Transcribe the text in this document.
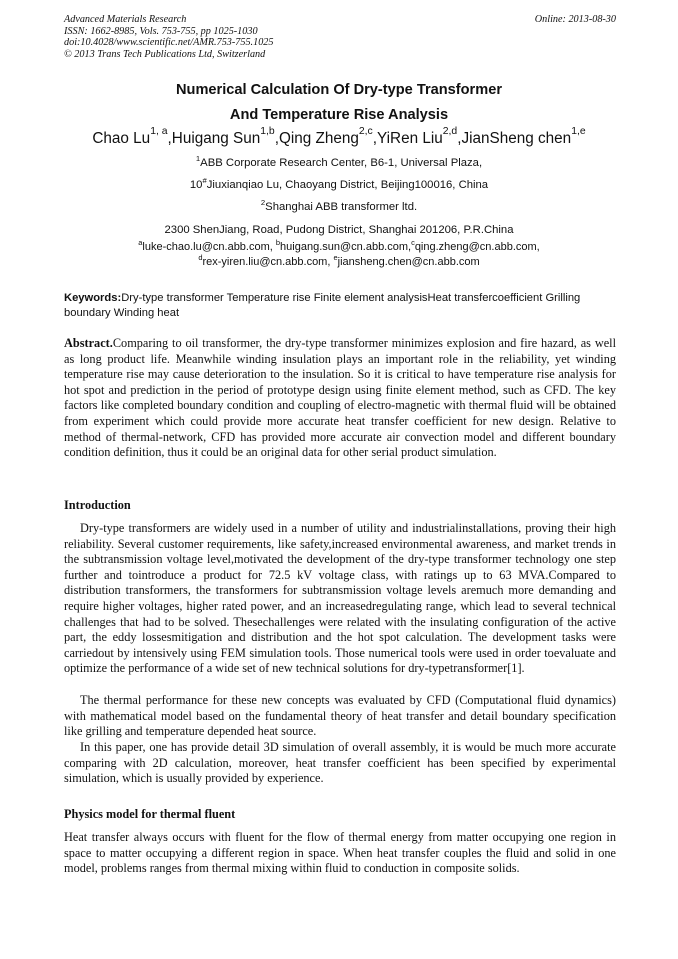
Advanced Materials Research
ISSN: 1662-8985, Vols. 753-755, pp 1025-1030
doi:10.4028/www.scientific.net/AMR.753-755.1025
© 2013 Trans Tech Publications Ltd, Switzerland
Online: 2013-08-30
Numerical Calculation Of Dry-type Transformer
And Temperature Rise Analysis
Chao Lu$^{1, a}$,Huigang Sun$^{1,b}$,Qing Zheng$^{2,c}$,YiRen Liu$^{2,d}$,JianSheng chen$^{1,e}$
$^1$ABB Corporate Research Center, B6-1, Universal Plaza,
10#Jiuxianqiao Lu, Chaoyang District, Beijing100016, China
$^2$Shanghai ABB transformer ltd.
2300 ShenJiang, Road, Pudong District, Shanghai 201206, P.R.China
$^a$luke-chao.lu@cn.abb.com, $^b$huigang.sun@cn.abb.com,$^c$qing.zheng@cn.abb.com,
$^d$rex-yiren.liu@cn.abb.com, $^e$jiansheng.chen@cn.abb.com
Keywords:Dry-type transformer Temperature rise Finite element analysisHeat transfercoefficient Grilling boundary Winding heat
Abstract.Comparing to oil transformer, the dry-type transformer minimizes explosion and fire hazard, as well as long product life. Meanwhile winding insulation plays an important role in the reliability, yet winding temperature rise may cause deterioration to the insulation. So it is critical to have temperature rise analysis for hot spot and prediction in the period of prototype design using finite element method, such as CFD. The key factors like completed boundary condition and coupling of electro-magnetic with thermal fluid will be obtained from experiment which could provide more accurate heat transfer coefficient for new design. Relative to method of thermal-network, CFD has provided more accurate air convection model and different boundary condition definition, thus it could be an original data for other serial product simulation.
Introduction
Dry-type transformers are widely used in a number of utility and industrialinstallations, proving their high reliability. Several customer requirements, like safety,increased environmental awareness, and market trends in the subtransmission voltage level,motivated the development of the dry-type transformer technology one step further and tointroduce a product for 72.5 kV voltage class, with ratings up to 63 MVA.Compared to distribution transformers, the transformers for subtransmission voltage levels aremuch more demanding and require higher voltages, higher rated power, and an increasedregulating range, which lead to several technical challenges that had to be solved. Thesechallenges were related with the insulating configuration of the active part, the eddy lossesmitigation and distribution and the hot spot calculation. The development tasks were carriedout by intensively using FEM simulation tools. Those numerical tools were used in order toevaluate and optimize the performance of a wide set of new technical solutions for dry-typetransformer[1].
The thermal performance for these new concepts was evaluated by CFD (Computational fluid dynamics) with mathematical model based on the fundamental theory of heat transfer and detail boundary specification like grilling and temperature depended heat source.
In this paper, one has provide detail 3D simulation of overall assembly, it is would be much more accurate comparing with 2D calculation, moreover, heat transfer coefficient has been specified by experimental simulation, which is usually provided by experience.
Physics model for thermal fluent
Heat transfer always occurs with fluent for the flow of thermal energy from matter occupying one region in space to matter occupying a different region in space. When heat transfer couples the fluid and solid in one model, problems ranges from thermal mixing within fluid to conduction in composite solids.
